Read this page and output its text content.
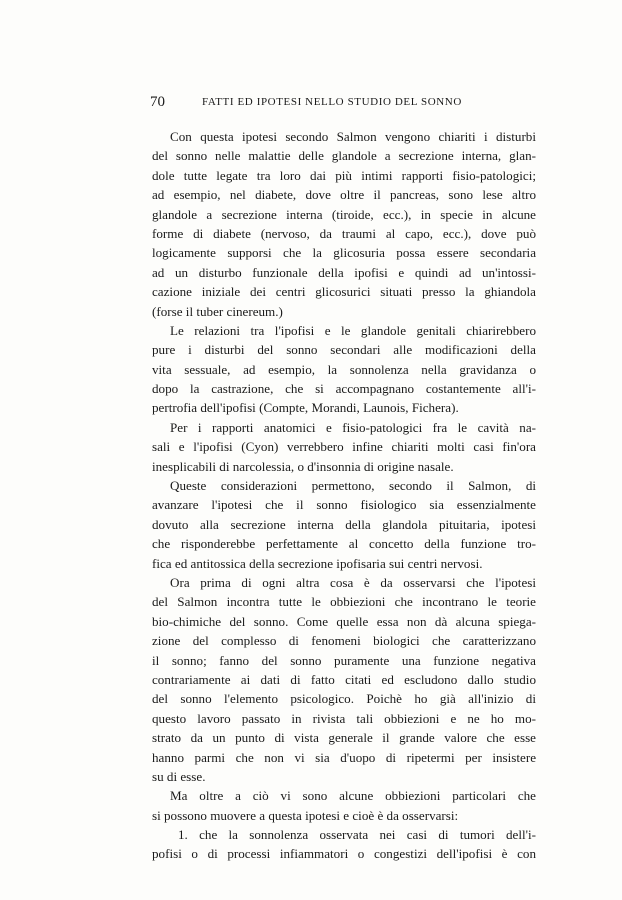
70	FATTI ED IPOTESI NELLO STUDIO DEL SONNO
Con questa ipotesi secondo Salmon vengono chiariti i disturbi
del sonno nelle malattie delle glandole a secrezione interna, glan-
dole tutte legate tra loro dai più intimi rapporti fisio-patologici;
ad esempio, nel diabete, dove oltre il pancreas, sono lese altro
glandole a secrezione interna (tiroide, ecc.), in specie in alcune
forme di diabete (nervoso, da traumi al capo, ecc.), dove può
logicamente supporsi che la glicosuria possa essere secondaria
ad un disturbo funzionale della ipofisi e quindi ad un'intossi-
cazione iniziale dei centri glicosurici situati presso la ghiandola
(forse il tuber cinereum.)
Le relazioni tra l'ipofisi e le glandole genitali chiarirebbero
pure i disturbi del sonno secondari alle modificazioni della
vita sessuale, ad esempio, la sonnolenza nella gravidanza o
dopo la castrazione, che si accompagnano costantemente all'i-
pertrofia dell'ipofisi (Compte, Morandi, Launois, Fichera).
Per i rapporti anatomici e fisio-patologici fra le cavità na-
sali e l'ipofisi (Cyon) verrebbero infine chiariti molti casi fin'ora
inesplicabili di narcolessia, o d'insonnia di origine nasale.
Queste considerazioni permettono, secondo il Salmon, di
avanzare l'ipotesi che il sonno fisiologico sia essenzialmente
dovuto alla secrezione interna della glandola pituitaria, ipotesi
che risponderebbe perfettamente al concetto della funzione tro-
fica ed antitossica della secrezione ipofisaria sui centri nervosi.
Ora prima di ogni altra cosa è da osservarsi che l'ipotesi
del Salmon incontra tutte le obbiezioni che incontrano le teorie
bio-chimiche del sonno. Come quelle essa non dà alcuna spiega-
zione del complesso di fenomeni biologici che caratterizzano
il sonno; fanno del sonno puramente una funzione negativa
contrariamente ai dati di fatto citati ed escludono dallo studio
del sonno l'elemento psicologico. Poichè ho già all'inizio di
questo lavoro passato in rivista tali obbiezioni e ne ho mo-
strato da un punto di vista generale il grande valore che esse
hanno parmi che non vi sia d'uopo di ripetermi per insistere
su di esse.
Ma oltre a ciò vi sono alcune obbiezioni particolari che
si possono muovere a questa ipotesi e cioè è da osservarsi:
1. che la sonnolenza osservata nei casi di tumori dell'i-
pofisi o di processi infiammatori o congestizi dell'ipofisi è con
